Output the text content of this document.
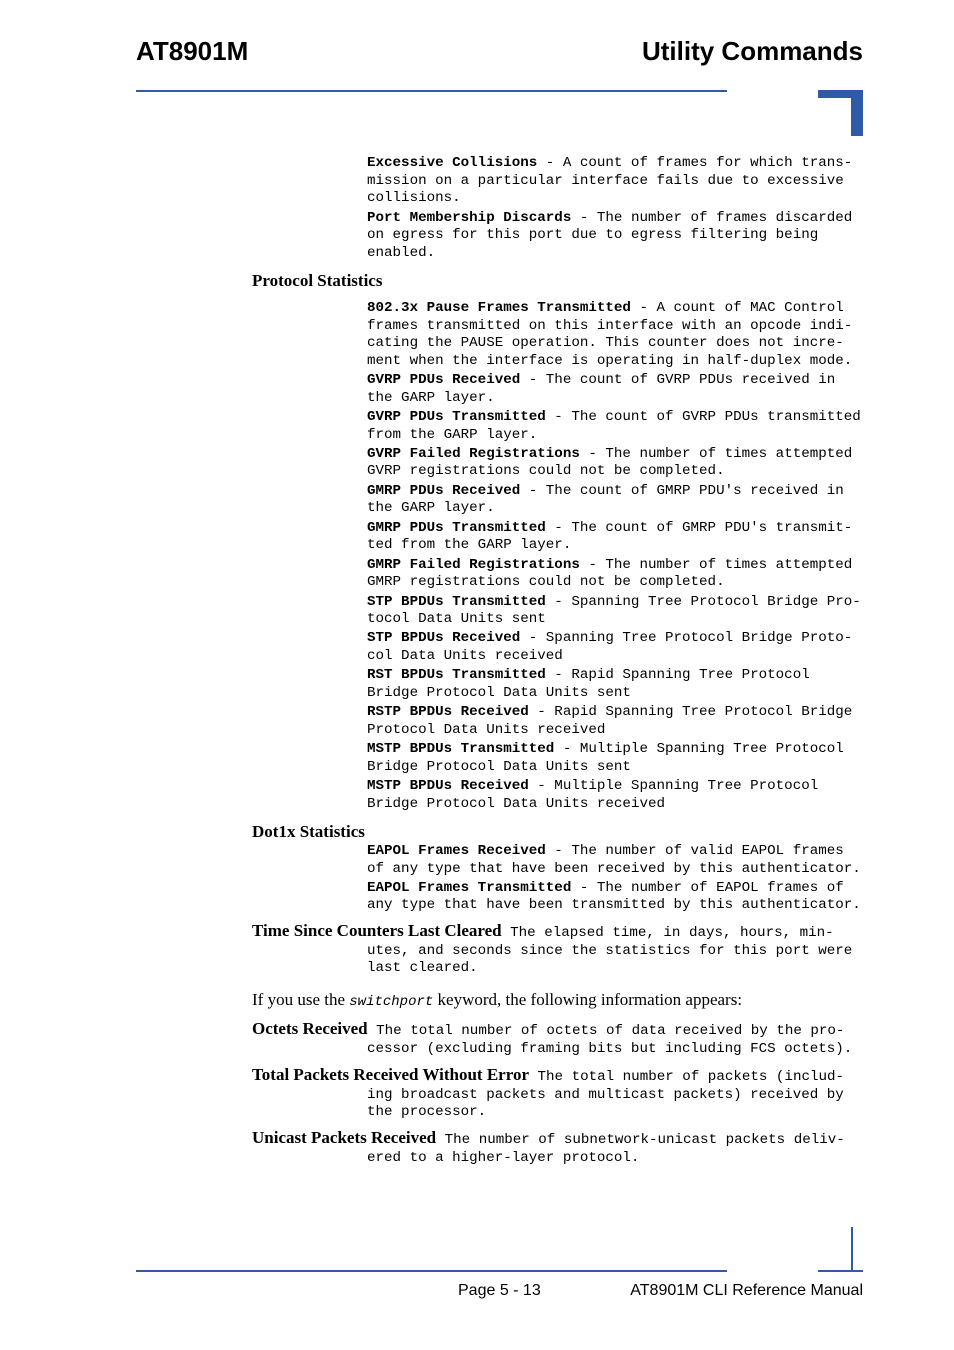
AT8901M	Utility Commands
Excessive Collisions - A count of frames for which trans-
mission on a particular interface fails due to excessive
collisions.
Port Membership Discards - The number of frames discarded
on egress for this port due to egress filtering being
enabled.
Protocol Statistics
802.3x Pause Frames Transmitted - A count of MAC Control
frames transmitted on this interface with an opcode indi-
cating the PAUSE operation. This counter does not incre-
ment when the interface is operating in half-duplex mode.
GVRP PDUs Received - The count of GVRP PDUs received in
the GARP layer.
GVRP PDUs Transmitted - The count of GVRP PDUs transmitted
from the GARP layer.
GVRP Failed Registrations - The number of times attempted
GVRP registrations could not be completed.
GMRP PDUs Received - The count of GMRP PDU's received in
the GARP layer.
GMRP PDUs Transmitted - The count of GMRP PDU's transmit-
ted from the GARP layer.
GMRP Failed Registrations - The number of times attempted
GMRP registrations could not be completed.
STP BPDUs Transmitted - Spanning Tree Protocol Bridge Pro-
tocol Data Units sent
STP BPDUs Received - Spanning Tree Protocol Bridge Proto-
col Data Units received
RST BPDUs Transmitted - Rapid Spanning Tree Protocol
Bridge Protocol Data Units sent
RSTP BPDUs Received - Rapid Spanning Tree Protocol Bridge
Protocol Data Units received
MSTP BPDUs Transmitted - Multiple Spanning Tree Protocol
Bridge Protocol Data Units sent
MSTP BPDUs Received - Multiple Spanning Tree Protocol
Bridge Protocol Data Units received
Dot1x Statistics
EAPOL Frames Received - The number of valid EAPOL frames
of any type that have been received by this authenticator.
EAPOL Frames Transmitted - The number of EAPOL frames of
any type that have been transmitted by this authenticator.
Time Since Counters Last Cleared The elapsed time, in days, hours, min-
utes, and seconds since the statistics for this port were
last cleared.
If you use the switchport keyword, the following information appears:
Octets Received The total number of octets of data received by the pro-
cessor (excluding framing bits but including FCS octets).
Total Packets Received Without Error The total number of packets (includ-
ing broadcast packets and multicast packets) received by
the processor.
Unicast Packets Received The number of subnetwork-unicast packets deliv-
ered to a higher-layer protocol.
Page 5 - 13	AT8901M CLI Reference Manual
